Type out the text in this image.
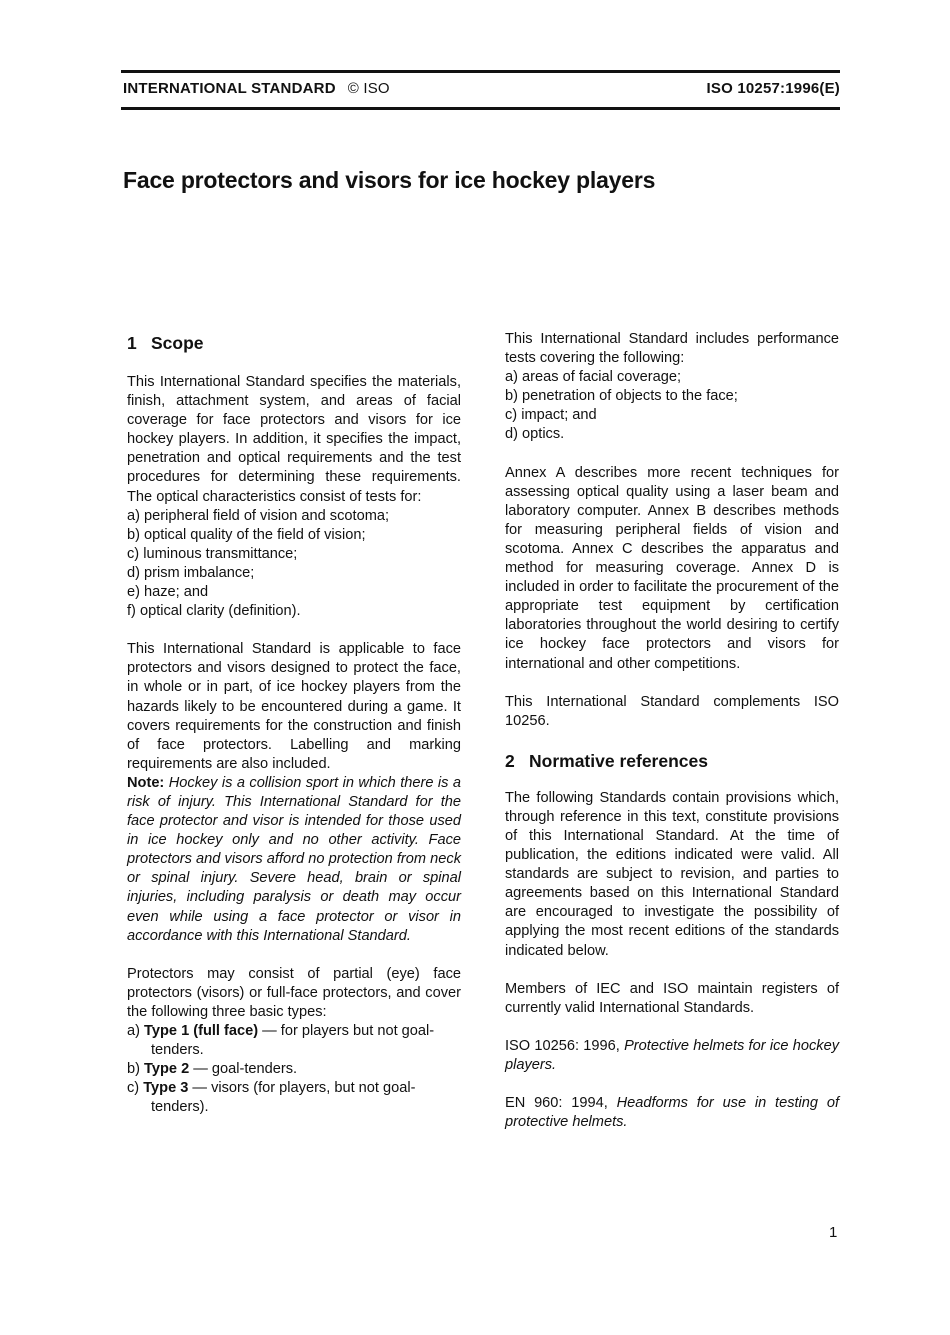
INTERNATIONAL STANDARD © ISO	ISO 10257:1996(E)
Face protectors and visors for ice hockey players
1 Scope

This International Standard specifies the materials, finish, attachment system, and areas of facial coverage for face protectors and visors for ice hockey players. In addition, it specifies the impact, penetration and optical requirements and the test procedures for determining these requirements. The optical characteristics consist of tests for:

a) peripheral field of vision and scotoma;
b) optical quality of the field of vision;
c) luminous transmittance;
d) prism imbalance;
e) haze; and
f) optical clarity (definition).

This International Standard is applicable to face protectors and visors designed to protect the face, in whole or in part, of ice hockey players from the hazards likely to be encountered during a game. It covers requirements for the construction and finish of face protectors. Labelling and marking requirements are also included.

Note: Hockey is a collision sport in which there is a risk of injury. This International Standard for the face protector and visor is intended for those used in ice hockey only and no other activity. Face protectors and visors afford no protection from neck or spinal injury. Severe head, brain or spinal injuries, including paralysis or death may occur even while using a face protector or visor in accordance with this International Standard.

Protectors may consist of partial (eye) face protectors (visors) or full-face protectors, and cover the following three basic types:

a) Type 1 (full face) — for players but not goal-tenders.
b) Type 2 — goal-tenders.
c) Type 3 — visors (for players, but not goal-tenders).

This International Standard includes performance tests covering the following:

a) areas of facial coverage;
b) penetration of objects to the face;
c) impact; and
d) optics.

Annex A describes more recent techniques for assessing optical quality using a laser beam and laboratory computer. Annex B describes methods for measuring peripheral fields of vision and scotoma. Annex C describes the apparatus and method for measuring coverage. Annex D is included in order to facilitate the procurement of the appropriate test equipment by certification laboratories throughout the world desiring to certify ice hockey face protectors and visors for international and other competitions.

This International Standard complements ISO 10256.

2 Normative references

The following Standards contain provisions which, through reference in this text, constitute provisions of this International Standard. At the time of publication, the editions indicated were valid. All standards are subject to revision, and parties to agreements based on this International Standard are encouraged to investigate the possibility of applying the most recent editions of the standards indicated below.

Members of IEC and ISO maintain registers of currently valid International Standards.

ISO 10256: 1996, Protective helmets for ice hockey players.

EN 960: 1994, Headforms for use in testing of protective helmets.

1
